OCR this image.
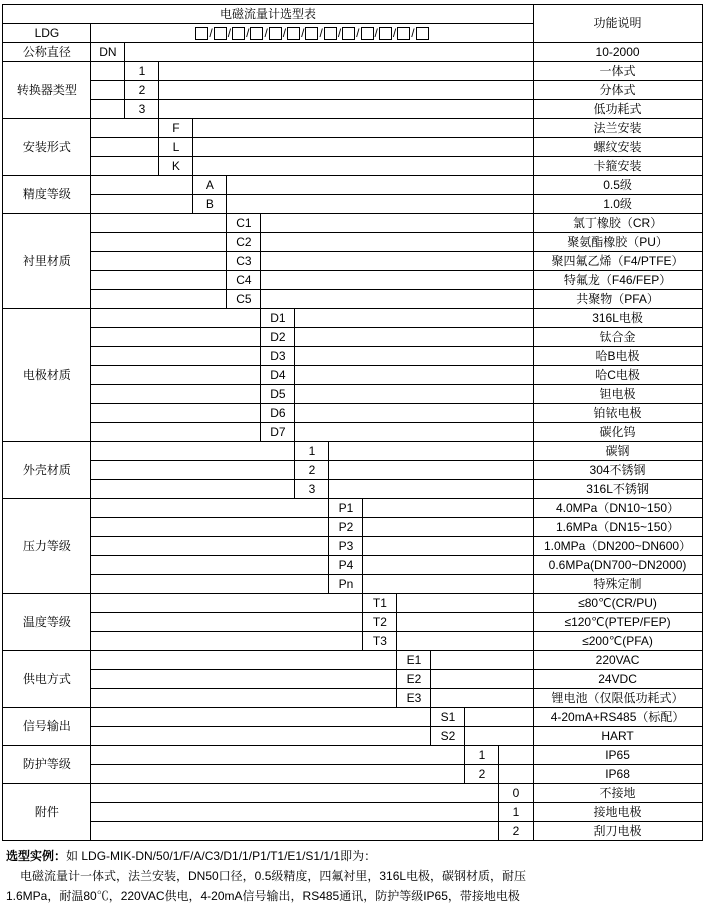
电磁流量计选型表														功能说明
LDG	/ / / / / / / / / / / /

公称直径	DN													10-2000
转换器类型		1												一体式
		2												分体式
		3												低功耗式
安装形式			F											法兰安装
			L											螺纹安装
			K											卡箍安装
精度等级				A										0.5级
				B										1.0级
衬里材质					C1									氯丁橡胶（CR）
					C2									聚氨酯橡胶（PU）
					C3									聚四氟乙烯（F4/PTFE）
					C4									特氟龙（F46/FEP）
					C5									共聚物（PFA）
电极材质						D1								316L电极
						D2								钛合金
						D3								哈B电极
						D4								哈C电极
						D5								钽电极
						D6								铂铱电极
						D7								碳化钨
外壳材质							1							碳钢
							2							304不锈钢
							3							316L不锈钢
压力等级								P1						4.0MPa（DN10~150）
								P2						1.6MPa（DN15~150）
								P3						1.0MPa（DN200~DN600）
								P4						0.6MPa(DN700~DN2000)
								Pn						特殊定制
温度等级									T1					≤80℃(CR/PU)
									T2					≤120℃(PTEP/FEP)
									T3					≤200℃(PFA)
供电方式										E1				220VAC
										E2				24VDC
										E3				锂电池（仅限低功耗式）
信号输出											S1			4-20mA+RS485（标配）
											S2			HART
防护等级												1		IP65
												2		IP68
附件													0	不接地
													1	接地电极
													2	刮刀电极

选型实例：如 LDG-MIK-DN/50/1/F/A/C3/D1/1/P1/T1/E1/S1/1/1即为：

电磁流量计一体式，法兰安装，DN50口径，0.5级精度，四氟衬里，316L电极，碳钢材质，耐压

1.6MPa，耐温80℃，220VAC供电，4-20mA信号输出，RS485通讯，防护等级IP65，带接地电极
